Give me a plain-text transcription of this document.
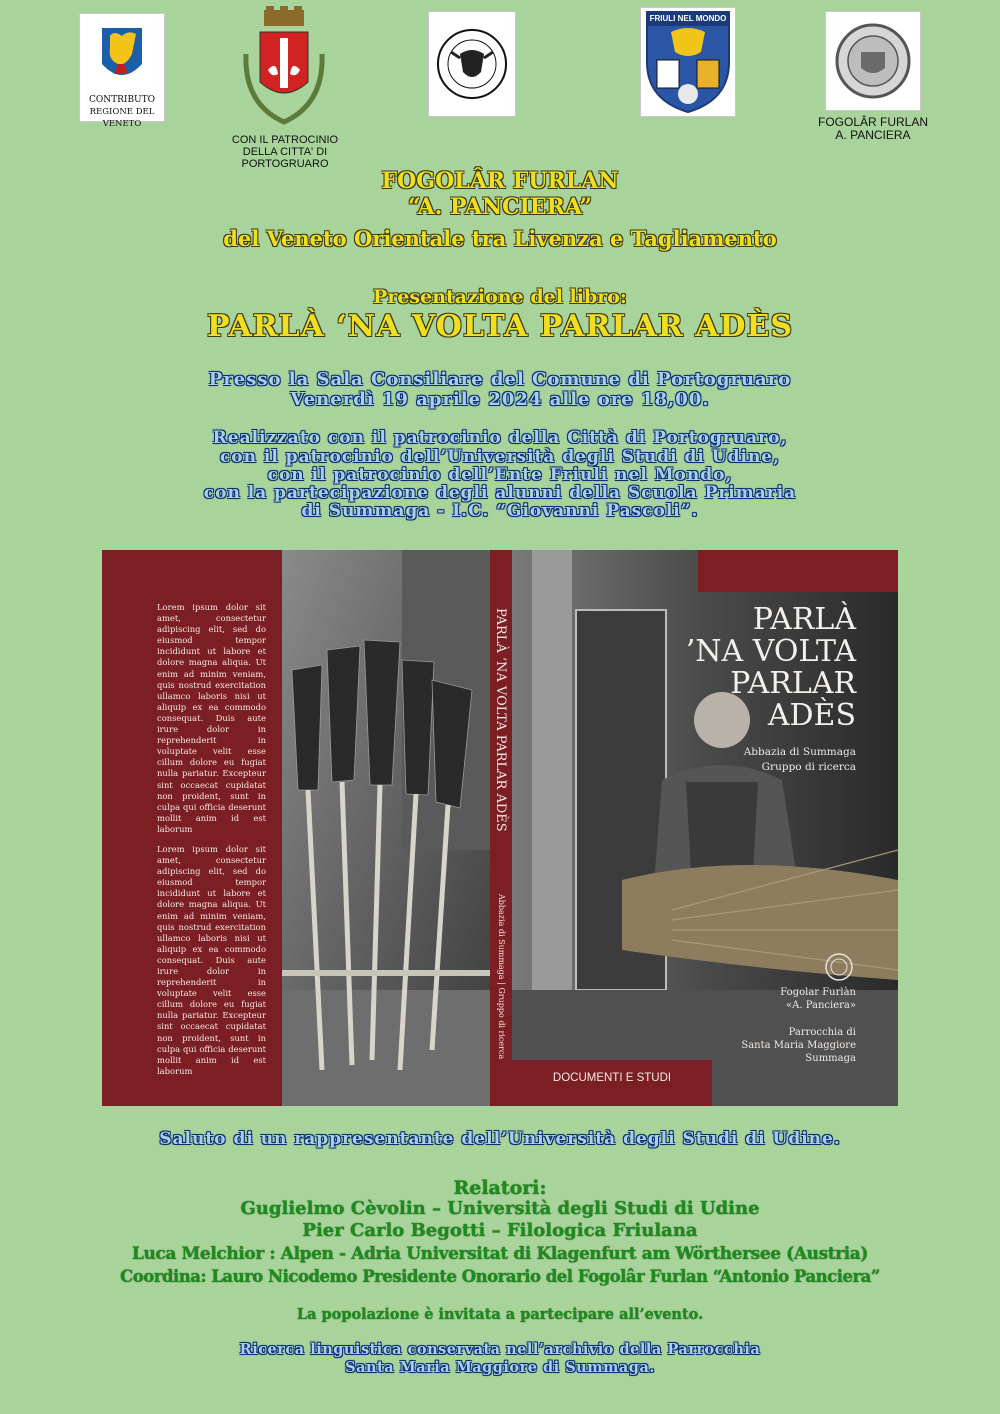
CONTRIBUTO
REGIONE DEL VENETO
CON IL PATROCINIO
DELLA CITTA' DI
PORTOGRUARO
FRIULI NEL MONDO
FOGOLÂR FURLAN
A. PANCIERA
FOGOLÂR FURLAN
“A. PANCIERA”
del Veneto Orientale tra Livenza e Tagliamento
Presentazione del libro:
PARLÀ ‘NA VOLTA PARLAR ADÈS
Presso la Sala Consiliare del Comune di Portogruaro
Venerdì 19 aprile 2024 alle ore 18,00.
Realizzato con il patrocinio della Città di Portogruaro,
con il patrocinio dell’Università degli Studi di Udine,
con il patrocinio dell’Ente Friuli nel Mondo,
con la partecipazione degli alunni della Scuola Primaria
di Summaga - I.C. “Giovanni Pascoli”.

Lorem ipsum dolor sit amet, consectetur adipiscing elit, sed do eiusmod tempor incididunt ut labore et dolore magna aliqua. Ut enim ad minim veniam, quis nostrud exercitation ullamco laboris nisi ut aliquip ex ea commodo consequat. Duis aute irure dolor in reprehenderit in voluptate velit esse cillum dolore eu fugiat nulla pariatur. Excepteur sint occaecat cupidatat non proident, sunt in culpa qui officia deserunt mollit anim id est laborum

Lorem ipsum dolor sit amet, consectetur adipiscing elit, sed do eiusmod tempor incididunt ut labore et dolore magna aliqua. Ut enim ad minim veniam, quis nostrud exercitation ullamco laboris nisi ut aliquip ex ea commodo consequat. Duis aute irure dolor in reprehenderit in voluptate velit esse cillum dolore eu fugiat nulla pariatur. Excepteur sint occaecat cupidatat non proident, sunt in culpa qui officia deserunt mollit anim id est laborum

PARLÀ ‘NA VOLTA PARLAR ADÈS
Abbazia di Summaga | Gruppo di ricerca
DOCUMENTI E STUDI
PARLÀ
’NA VOLTA
PARLAR
ADÈS
Abbazia di Summaga
Gruppo di ricerca
Fogolar Furlàn
«A. Panciera»
Parrocchia di
Santa Maria Maggiore
Summaga
Saluto di un rappresentante dell’Università degli Studi di Udine.
Relatori:
Guglielmo Cèvolin – Università degli Studi di Udine
Pier Carlo Begotti – Filologica Friulana
Luca Melchior : Alpen - Adria Universitat di Klagenfurt am Wörthersee (Austria)
Coordina: Lauro Nicodemo Presidente Onorario del Fogolâr Furlan “Antonio Panciera”
La popolazione è invitata a partecipare all’evento.
Ricerca linguistica conservata nell’archivio della Parrocchia
Santa Maria Maggiore di Summaga.
